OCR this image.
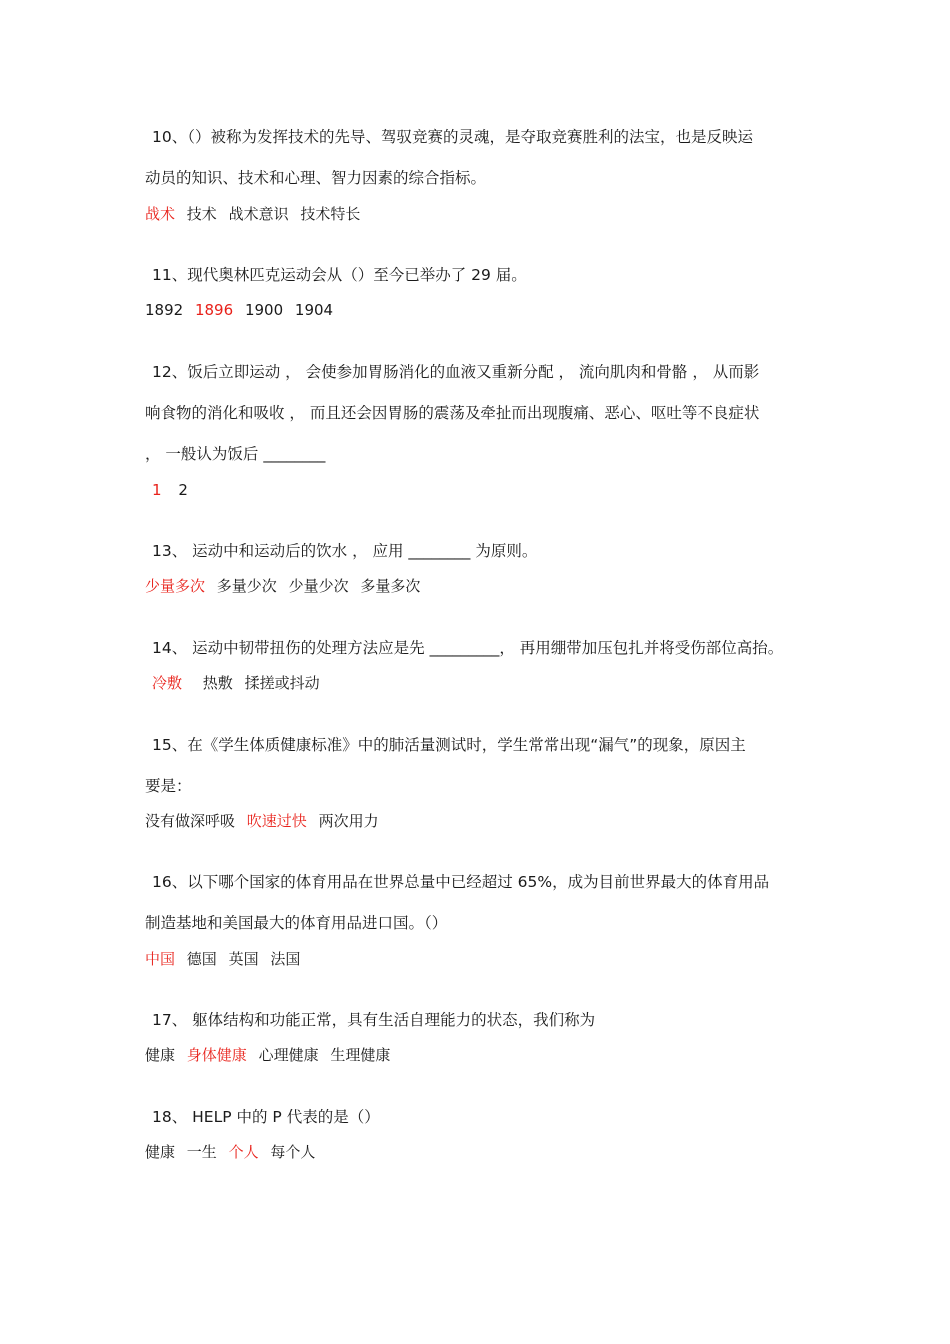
10、（）被称为发挥技术的先导、驾驭竞赛的灵魂，是夺取竞赛胜利的法宝，也是反映运
动员的知识、技术和心理、智力因素的综合指标。
战术 技术 战术意识 技术特长
11、现代奥林匹克运动会从（）至今已举办了 29 届。
1892 1896 1900 1904
12、饭后立即运动 ， 会使参加胃肠消化的血液又重新分配 ， 流向肌肉和骨骼 ， 从而影
响食物的消化和吸收 ， 而且还会因胃肠的震荡及牵扯而出现腹痛、恶心、呕吐等不良症状
， 一般认为饭后 ________
1 2
13、 运动中和运动后的饮水 ， 应用 ________ 为原则。
少量多次 多量少次 少量少次 多量多次
14、 运动中韧带扭伤的处理方法应是先 _________， 再用绷带加压包扎并将受伤部位高抬。
冷敷 热敷 揉搓或抖动
15、在《学生体质健康标准》中的肺活量测试时，学生常常出现“漏气”的现象，原因主
要是：
没有做深呼吸 吹速过快 两次用力
16、以下哪个国家的体育用品在世界总量中已经超过 65%，成为目前世界最大的体育用品
制造基地和美国最大的体育用品进口国。（）
中国 德国 英国 法国
17、 躯体结构和功能正常，具有生活自理能力的状态，我们称为
健康 身体健康 心理健康 生理健康
18、 HELP 中的 P 代表的是（）
健康 一生 个人 每个人
